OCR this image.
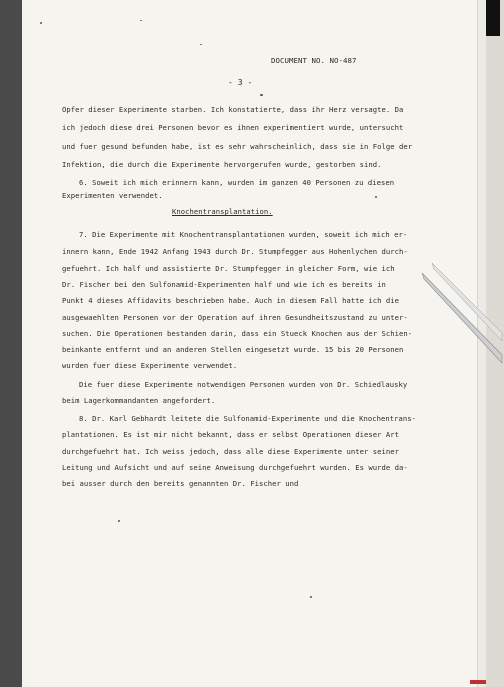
DOCUMENT NO. NO-487
- 3 -
Opfer dieser Experimente starben. Ich konstatierte, dass ihr Herz versagte. Da
ich jedoch diese drei Personen bevor es ihnen experimentiert wurde, untersucht
und fuer gesund befunden habe, ist es sehr wahrscheinlich, dass sie in Folge der
Infektion, die durch die Experimente hervorgerufen wurde, gestorben sind.
6. Soweit ich mich erinnern kann, wurden im ganzen 40 Personen zu diesen
Experimenten verwendet.
Knochentransplantation.
7. Die Experimente mit Knochentransplantationen wurden, soweit ich mich er-
innern kann, Ende 1942 Anfang 1943 durch Dr. Stumpfegger aus Hohenlychen durch-
gefuehrt. Ich half und assistierte Dr. Stumpfegger in gleicher Form, wie ich
Dr. Fischer bei den Sulfonamid-Experimenten half und wie ich es bereits in
Punkt 4 dieses Affidavits beschrieben habe. Auch in diesem Fall hatte ich die
ausgewaehlten Personen vor der Operation auf ihren Gesundheitszustand zu unter-
suchen. Die Operationen bestanden darin, dass ein Stueck Knochen aus der Schien-
beinkante entfernt und an anderen Stellen eingesetzt wurde. 15 bis 20 Personen
wurden fuer diese Experimente verwendet.
Die fuer diese Experimente notwendigen Personen wurden von Dr. Schiedlausky
beim Lagerkommandanten angefordert.
8. Dr. Karl Gebhardt leitete die Sulfonamid-Experimente und die Knochentrans-
plantationen. Es ist mir nicht bekannt, dass er selbst Operationen dieser Art
durchgefuehrt hat. Ich weiss jedoch, dass alle diese Experimente unter seiner
Leitung und Aufsicht und auf seine Anweisung durchgefuehrt wurden. Es wurde da-
bei ausser durch den bereits genannten Dr. Fischer und
